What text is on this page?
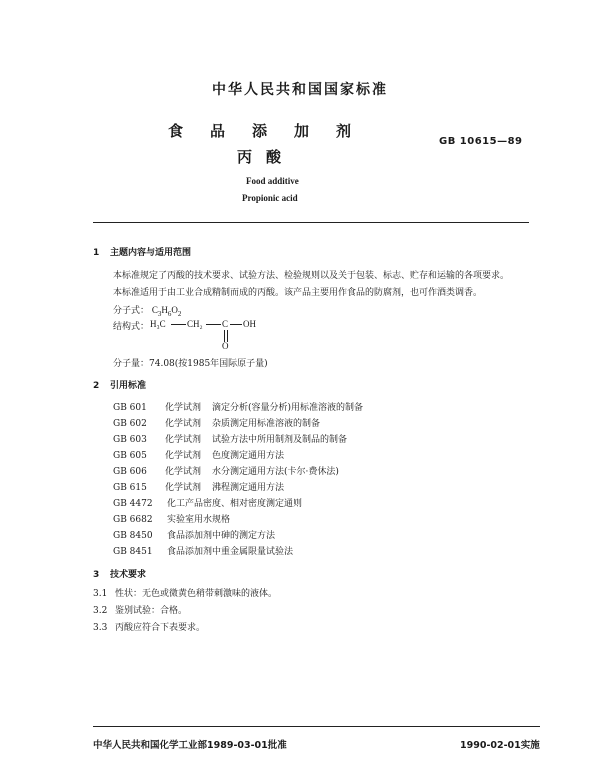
中华人民共和国国家标准
食品添加剂
丙酸
GB 10615—89
Food additive
Propionic acid
1 主题内容与适用范围
本标准规定了丙酸的技术要求、试验方法、检验规则以及关于包装、标志、贮存和运输的各项要求。
本标准适用于由工业合成精制而成的丙酸。该产品主要用作食品的防腐剂，也可作酒类调香。
分子式： $C_3H_6O_2$
结构式： H₃C CH₂ C OH
O
分子量：74.08(按1985年国际原子量)
2 引用标准
GB 601 化学试剂 滴定分析(容量分析)用标准溶液的制备
GB 602 化学试剂 杂质测定用标准溶液的制备
GB 603 化学试剂 试验方法中所用制剂及制品的制备
GB 605 化学试剂 色度测定通用方法
GB 606 化学试剂 水分测定通用方法(卡尔·费休法)
GB 615 化学试剂 沸程测定通用方法
GB 4472 化工产品密度、相对密度测定通则
GB 6682 实验室用水规格
GB 8450 食品添加剂中砷的测定方法
GB 8451 食品添加剂中重金属限量试验法
3 技术要求
3.1 性状：无色或微黄色稍带刺激味的液体。
3.2 鉴别试验：合格。
3.3 丙酸应符合下表要求。
中华人民共和国化学工业部1989-03-01批准	1990-02-01实施
